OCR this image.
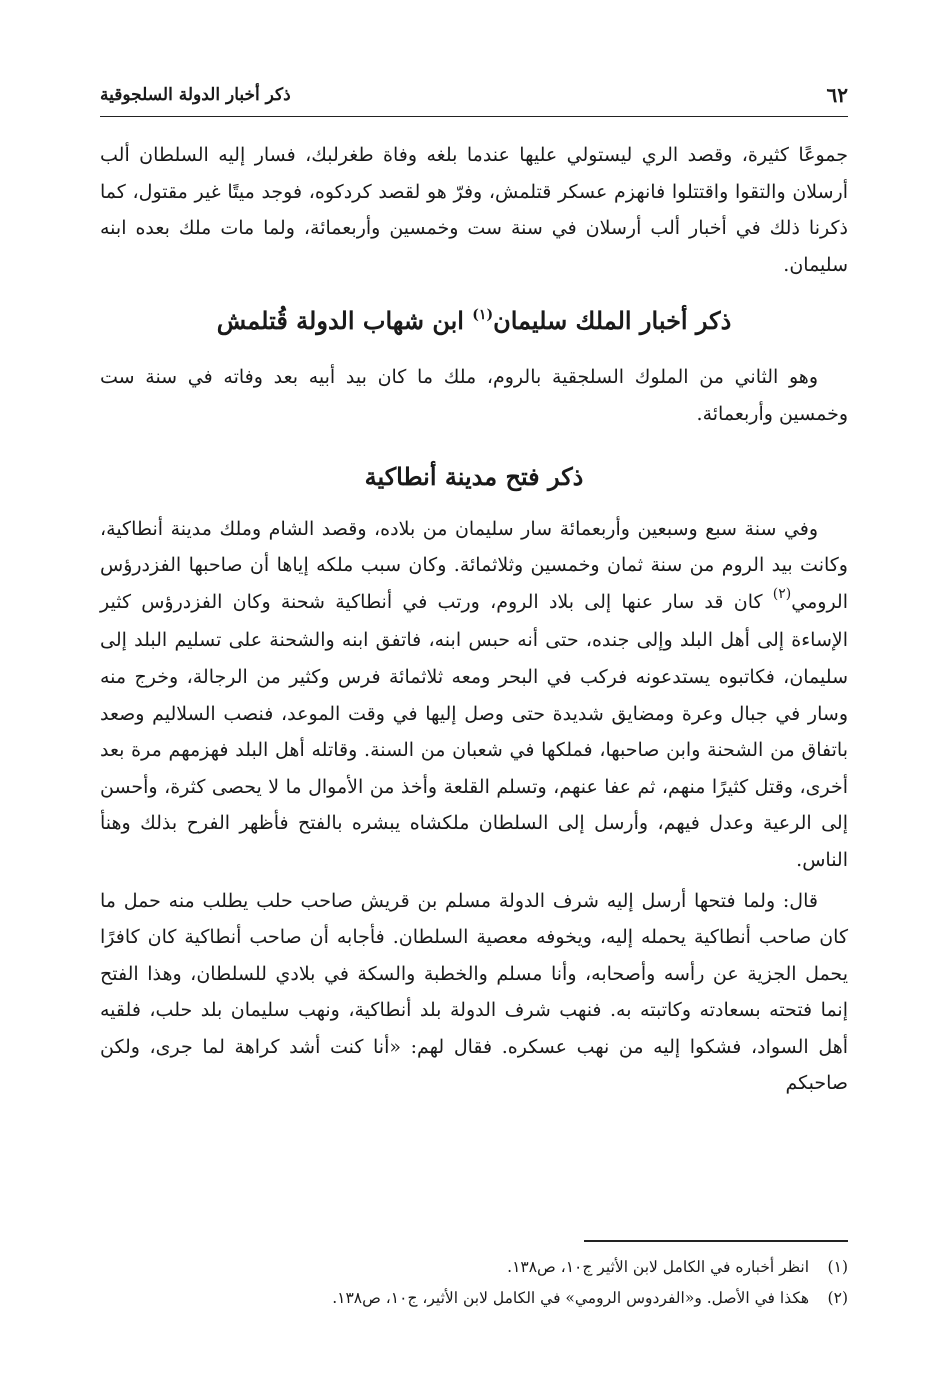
٦٢
ذكر أخبار الدولة السلجوقية

جموعًا كثيرة، وقصد الري ليستولي عليها عندما بلغه وفاة طغرلبك، فسار إليه السلطان ألب أرسلان والتقوا واقتتلوا فانهزم عسكر قتلمش، وفرّ هو لقصد كردكوه، فوجد ميتًا غير مقتول، كما ذكرنا ذلك في أخبار ألب أرسلان في سنة ست وخمسين وأربعمائة، ولما مات ملك بعده ابنه سليمان.

ذكر أخبار الملك سليمان$^{(١)}$ ابن شهاب الدولة قُتلمش

وهو الثاني من الملوك السلجقية بالروم، ملك ما كان بيد أبيه بعد وفاته في سنة ست وخمسين وأربعمائة.

ذكر فتح مدينة أنطاكية

وفي سنة سبع وسبعين وأربعمائة سار سليمان من بلاده، وقصد الشام وملك مدينة أنطاكية، وكانت بيد الروم من سنة ثمان وخمسين وثلاثمائة. وكان سبب ملكه إياها أن صاحبها الفزدرؤس الرومي$^{(٢)}$ كان قد سار عنها إلى بلاد الروم، ورتب في أنطاكية شحنة وكان الفزدرؤس كثير الإساءة إلى أهل البلد وإلى جنده، حتى أنه حبس ابنه، فاتفق ابنه والشحنة على تسليم البلد إلى سليمان، فكاتبوه يستدعونه فركب في البحر ومعه ثلاثمائة فرس وكثير من الرجالة، وخرج منه وسار في جبال وعرة ومضايق شديدة حتى وصل إليها في وقت الموعد، فنصب السلاليم وصعد باتفاق من الشحنة وابن صاحبها، فملكها في شعبان من السنة. وقاتله أهل البلد فهزمهم مرة بعد أخرى، وقتل كثيرًا منهم، ثم عفا عنهم، وتسلم القلعة وأخذ من الأموال ما لا يحصى كثرة، وأحسن إلى الرعية وعدل فيهم، وأرسل إلى السلطان ملكشاه يبشره بالفتح فأظهر الفرح بذلك وهنأ الناس.

قال: ولما فتحها أرسل إليه شرف الدولة مسلم بن قريش صاحب حلب يطلب منه حمل ما كان صاحب أنطاكية يحمله إليه، ويخوفه معصية السلطان. فأجابه أن صاحب أنطاكية كان كافرًا يحمل الجزية عن رأسه وأصحابه، وأنا مسلم والخطبة والسكة في بلادي للسلطان، وهذا الفتح إنما فتحته بسعادته وكاتبته به. فنهب شرف الدولة بلد أنطاكية، ونهب سليمان بلد حلب، فلقيه أهل السواد، فشكوا إليه من نهب عسكره. فقال لهم: «أنا كنت أشد كراهة لما جرى، ولكن صاحبكم

(١) انظر أخباره في الكامل لابن الأثير ج١٠، ص١٣٨.

(٢) هكذا في الأصل. و«الفردوس الرومي» في الكامل لابن الأثير، ج١٠، ص١٣٨.
